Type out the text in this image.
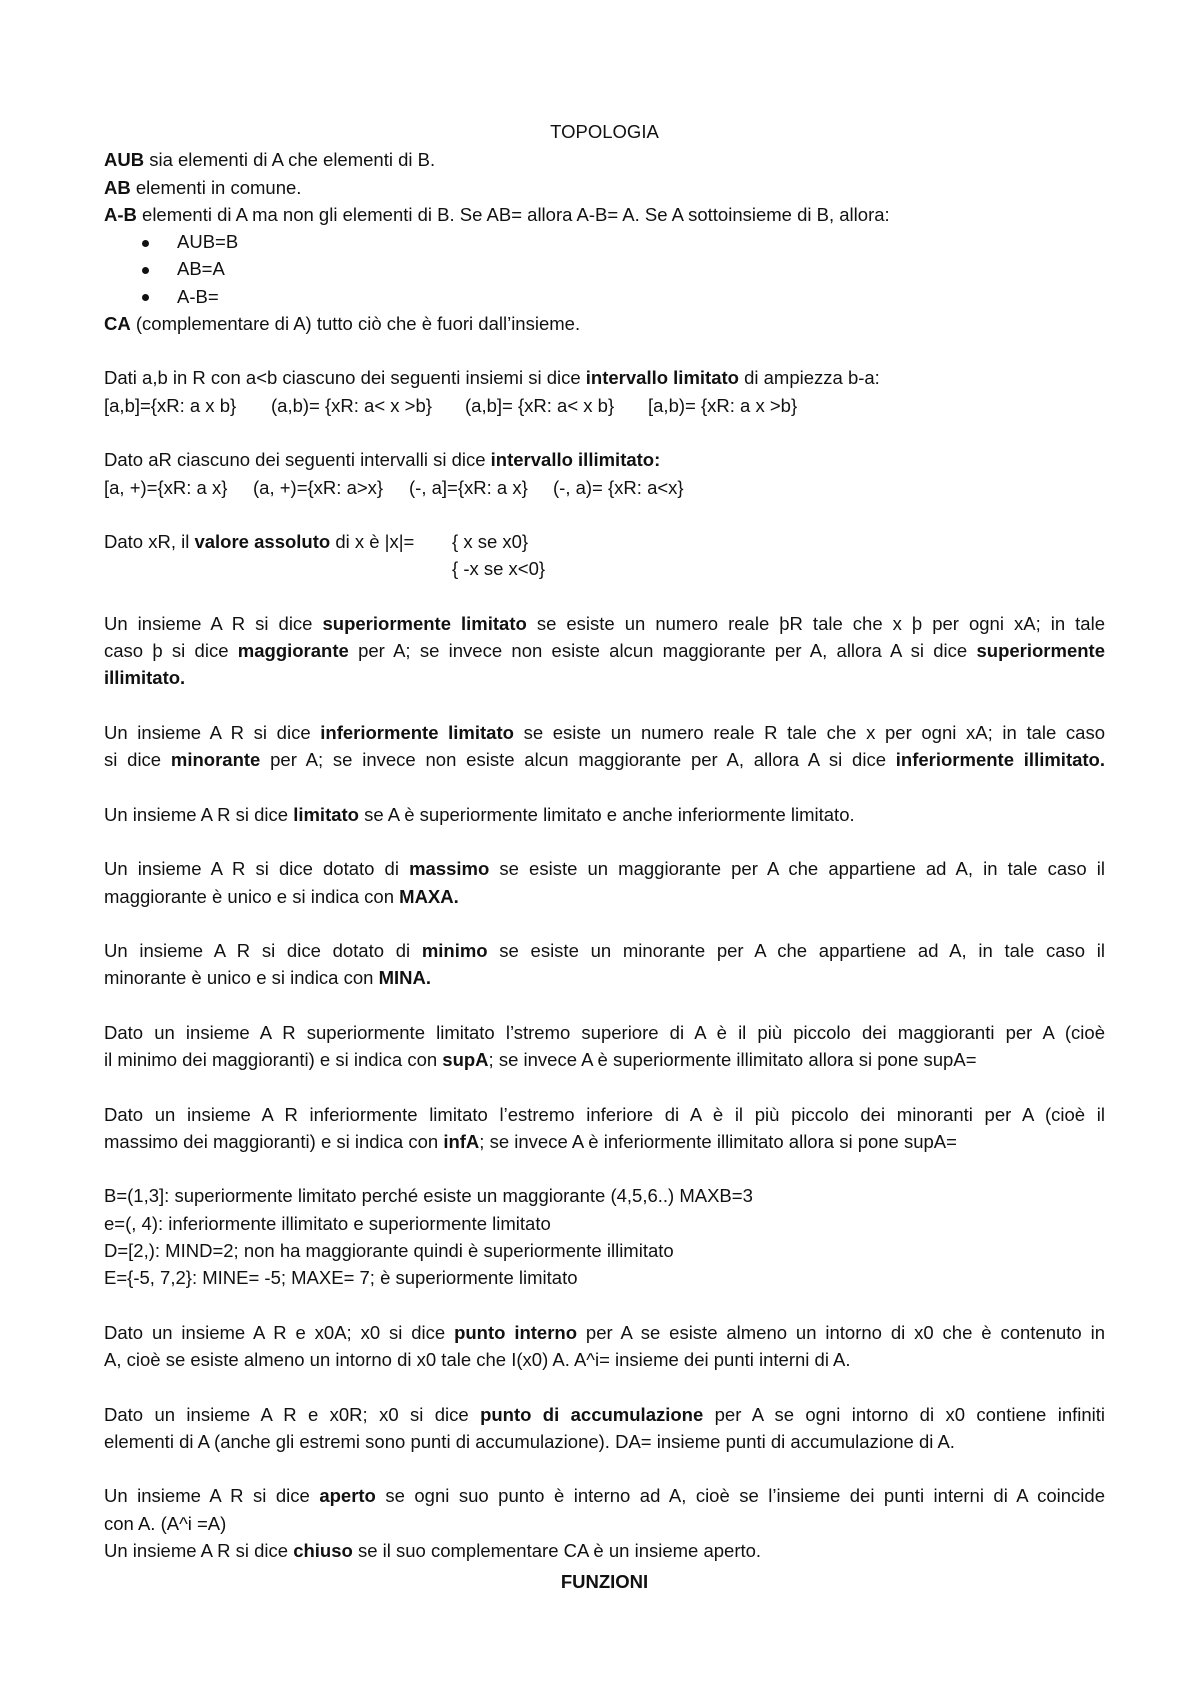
TOPOLOGIA
AUB sia elementi di A che elementi di B.
AB elementi in comune.
A-B elementi di A ma non gli elementi di B. Se AB= allora A-B= A. Se A sottoinsieme di B, allora:
AUB=B
AB=A
A-B=
CA (complementare di A) tutto ciò che è fuori dall’insieme.
Dati a,b in R con a<b ciascuno dei seguenti insiemi si dice intervallo limitato di ampiezza b-a:
[a,b]={xR: a x b} (a,b)= {xR: a< x >b} (a,b]= {xR: a< x b} [a,b)= {xR: a x >b}
Dato aR ciascuno dei seguenti intervalli si dice intervallo illimitato:
[a, +)={xR: a x} (a, +)={xR: a>x} (-, a]={xR: a x} (-, a)= {xR: a<x}
Dato xR, il valore assoluto di x è |x|= { x se x0}
{ -x se x<0}
Un insieme A R si dice superiormente limitato se esiste un numero reale þR tale che x þ per ogni xA; in tale
caso þ si dice maggiorante per A; se invece non esiste alcun maggiorante per A, allora A si dice superiormente
illimitato.
Un insieme A R si dice inferiormente limitato se esiste un numero reale R tale che x per ogni xA; in tale caso
si dice minorante per A; se invece non esiste alcun maggiorante per A, allora A si dice inferiormente illimitato.
Un insieme A R si dice limitato se A è superiormente limitato e anche inferiormente limitato.
Un insieme A R si dice dotato di massimo se esiste un maggiorante per A che appartiene ad A, in tale caso il
maggiorante è unico e si indica con MAXA.
Un insieme A R si dice dotato di minimo se esiste un minorante per A che appartiene ad A, in tale caso il
minorante è unico e si indica con MINA.
Dato un insieme A R superiormente limitato l’stremo superiore di A è il più piccolo dei maggioranti per A (cioè
il minimo dei maggioranti) e si indica con supA; se invece A è superiormente illimitato allora si pone supA=
Dato un insieme A R inferiormente limitato l’estremo inferiore di A è il più piccolo dei minoranti per A (cioè il
massimo dei maggioranti) e si indica con infA; se invece A è inferiormente illimitato allora si pone supA=
B=(1,3]: superiormente limitato perché esiste un maggiorante (4,5,6..) MAXB=3
e=(, 4): inferiormente illimitato e superiormente limitato
D=[2,): MIND=2; non ha maggiorante quindi è superiormente illimitato
E={-5, 7,2}: MINE= -5; MAXE= 7; è superiormente limitato
Dato un insieme A R e x0A; x0 si dice punto interno per A se esiste almeno un intorno di x0 che è contenuto in
A, cioè se esiste almeno un intorno di x0 tale che I(x0) A. A^i= insieme dei punti interni di A.
Dato un insieme A R e x0R; x0 si dice punto di accumulazione per A se ogni intorno di x0 contiene infiniti
elementi di A (anche gli estremi sono punti di accumulazione). DA= insieme punti di accumulazione di A.
Un insieme A R si dice aperto se ogni suo punto è interno ad A, cioè se l’insieme dei punti interni di A coincide
con A. (A^i =A)
Un insieme A R si dice chiuso se il suo complementare CA è un insieme aperto.
FUNZIONI
